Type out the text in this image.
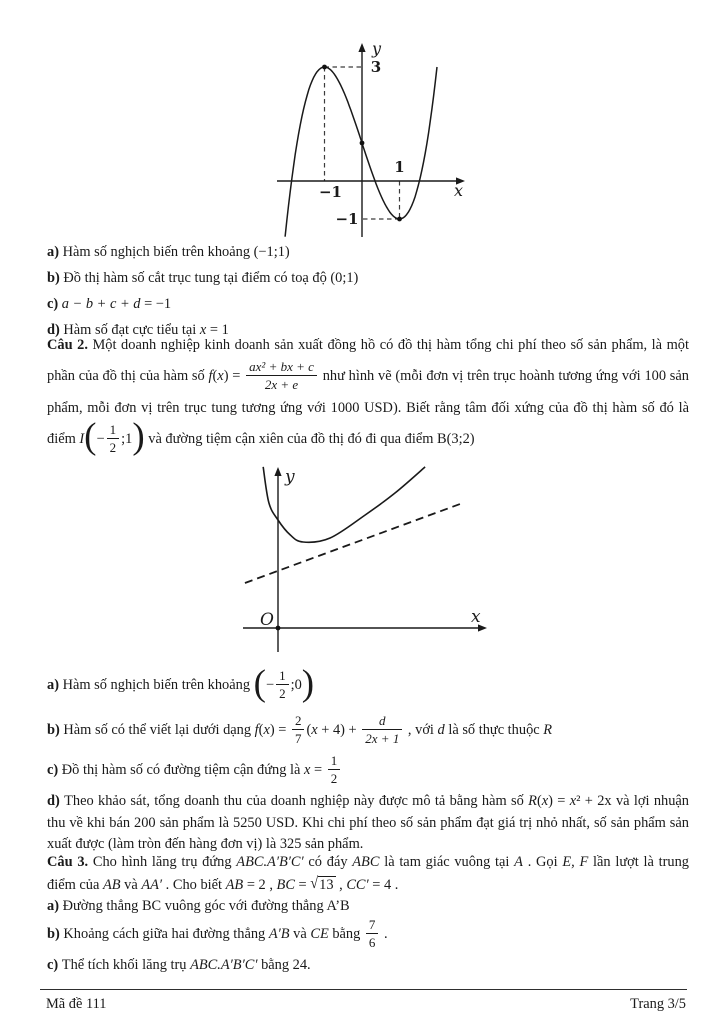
y
x
3
−1
−1
1
a) Hàm số nghịch biến trên khoảng (−1;1)
b) Đồ thị hàm số cắt trục tung tại điểm có toạ độ (0;1)
c) a − b + c + d = −1
d) Hàm số đạt cực tiểu tại x = 1
Câu 2. Một doanh nghiệp kinh doanh sản xuất đồng hồ có đồ thị hàm tổng chi phí theo số sản phẩm, là một phần của đồ thị của hàm số $f(x) = \frac{\text{ax² + bx + c}}{2x + e}$ như hình vẽ (mỗi đơn vị trên trục hoành tương ứng với 100 sản phẩm, mỗi đơn vị trên trục tung tương ứng với 1000 USD). Biết rằng tâm đối xứng của đồ thị hàm số đó là điểm $I(- \frac{1}{2}$ ;1) và đường tiệm cận xiên của đồ thị đó đi qua điểm B(3;2)
O	x
y
a) Hàm số nghịch biến trên khoảng (− $\frac{1}{2}$ ;0)
b) Hàm số có thể viết lại dưới dạng $f(x) = \frac{2}{7} (x + 4) + \frac{d}{2x + 1}$ , với d là số thực thuộc R
c) Đồ thị hàm số có đường tiệm cận đứng là $x = \frac{1}{2}$
d) Theo khảo sát, tổng doanh thu của doanh nghiệp này được mô tả bằng hàm số R(x) = x² + 2x và lợi nhuận thu về khi bán 200 sản phẩm là 5250 USD. Khi chi phí theo số sản phẩm đạt giá trị nhỏ nhất, số sản phẩm sản xuất được (làm tròn đến hàng đơn vị) là 325 sản phẩm.
Câu 3. Cho hình lăng trụ đứng ABC.A′B′C′ có đáy ABC là tam giác vuông tại A . Gọi E, F lần lượt là trung điểm của AB và AA′ . Cho biết AB = 2 , BC = √13 , CC′ = 4 .
a) Đường thẳng BC vuông góc với đường thẳng A’B
b) Khoảng cách giữa hai đường thẳng A′B và CE bằng $\frac{7}{6}$ .
c) Thể tích khối lăng trụ ABC.A′B′C′ bằng 24.
Mã đề 111	Trang 3/5
